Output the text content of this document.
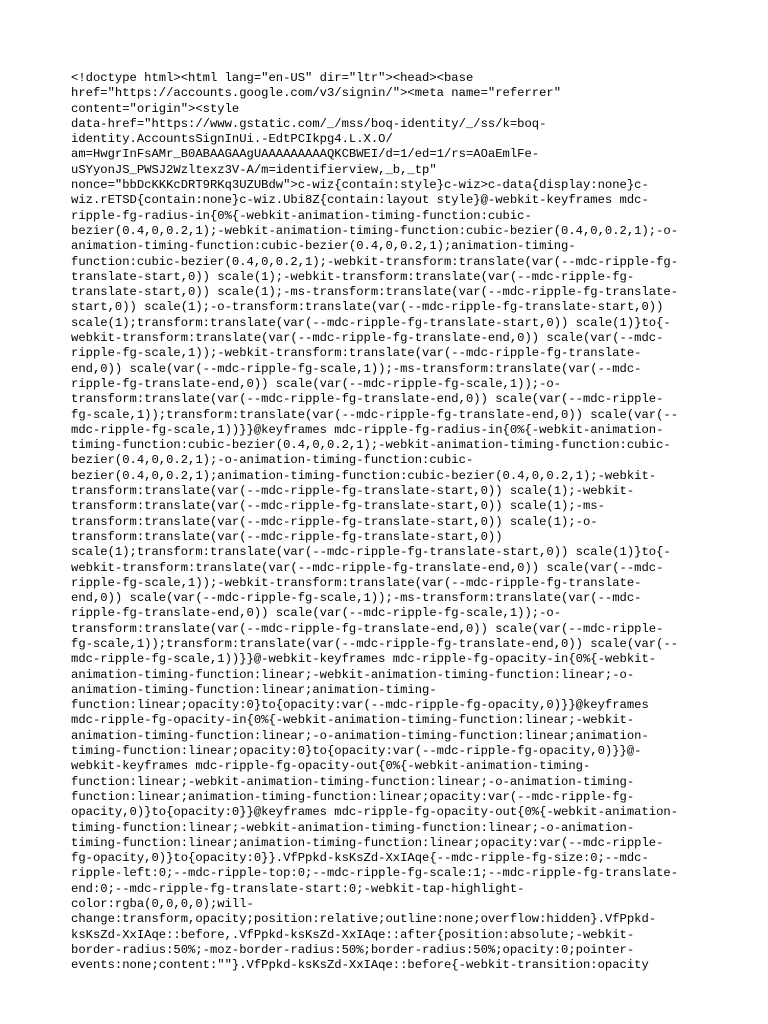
<!doctype html><html lang="en-US" dir="ltr"><head><base
href="https://accounts.google.com/v3/signin/"><meta name="referrer"
content="origin"><style
data-href="https://www.gstatic.com/_/mss/boq-identity/_/ss/k=boq-
identity.AccountsSignInUi.-EdtPCIkpg4.L.X.O/
am=HwgrInFsAMr_B0ABAAGAAgUAAAAAAAAAQKCBWEI/d=1/ed=1/rs=AOaEmlFe-
uSYyonJS_PWSJ2Wzltexz3V-A/m=identifierview,_b,_tp"
nonce="bbDcKKKcDRT9RKq3UZUBdw">c-wiz{contain:style}c-wiz>c-data{display:none}c-
wiz.rETSD{contain:none}c-wiz.Ubi8Z{contain:layout style}@-webkit-keyframes mdc-
ripple-fg-radius-in{0%{-webkit-animation-timing-function:cubic-
bezier(0.4,0,0.2,1);-webkit-animation-timing-function:cubic-bezier(0.4,0,0.2,1);-o-
animation-timing-function:cubic-bezier(0.4,0,0.2,1);animation-timing-
function:cubic-bezier(0.4,0,0.2,1);-webkit-transform:translate(var(--mdc-ripple-fg-
translate-start,0)) scale(1);-webkit-transform:translate(var(--mdc-ripple-fg-
translate-start,0)) scale(1);-ms-transform:translate(var(--mdc-ripple-fg-translate-
start,0)) scale(1);-o-transform:translate(var(--mdc-ripple-fg-translate-start,0))
scale(1);transform:translate(var(--mdc-ripple-fg-translate-start,0)) scale(1)}to{-
webkit-transform:translate(var(--mdc-ripple-fg-translate-end,0)) scale(var(--mdc-
ripple-fg-scale,1));-webkit-transform:translate(var(--mdc-ripple-fg-translate-
end,0)) scale(var(--mdc-ripple-fg-scale,1));-ms-transform:translate(var(--mdc-
ripple-fg-translate-end,0)) scale(var(--mdc-ripple-fg-scale,1));-o-
transform:translate(var(--mdc-ripple-fg-translate-end,0)) scale(var(--mdc-ripple-
fg-scale,1));transform:translate(var(--mdc-ripple-fg-translate-end,0)) scale(var(--
mdc-ripple-fg-scale,1))}}@keyframes mdc-ripple-fg-radius-in{0%{-webkit-animation-
timing-function:cubic-bezier(0.4,0,0.2,1);-webkit-animation-timing-function:cubic-
bezier(0.4,0,0.2,1);-o-animation-timing-function:cubic-
bezier(0.4,0,0.2,1);animation-timing-function:cubic-bezier(0.4,0,0.2,1);-webkit-
transform:translate(var(--mdc-ripple-fg-translate-start,0)) scale(1);-webkit-
transform:translate(var(--mdc-ripple-fg-translate-start,0)) scale(1);-ms-
transform:translate(var(--mdc-ripple-fg-translate-start,0)) scale(1);-o-
transform:translate(var(--mdc-ripple-fg-translate-start,0))
scale(1);transform:translate(var(--mdc-ripple-fg-translate-start,0)) scale(1)}to{-
webkit-transform:translate(var(--mdc-ripple-fg-translate-end,0)) scale(var(--mdc-
ripple-fg-scale,1));-webkit-transform:translate(var(--mdc-ripple-fg-translate-
end,0)) scale(var(--mdc-ripple-fg-scale,1));-ms-transform:translate(var(--mdc-
ripple-fg-translate-end,0)) scale(var(--mdc-ripple-fg-scale,1));-o-
transform:translate(var(--mdc-ripple-fg-translate-end,0)) scale(var(--mdc-ripple-
fg-scale,1));transform:translate(var(--mdc-ripple-fg-translate-end,0)) scale(var(--
mdc-ripple-fg-scale,1))}}@-webkit-keyframes mdc-ripple-fg-opacity-in{0%{-webkit-
animation-timing-function:linear;-webkit-animation-timing-function:linear;-o-
animation-timing-function:linear;animation-timing-
function:linear;opacity:0}to{opacity:var(--mdc-ripple-fg-opacity,0)}}@keyframes
mdc-ripple-fg-opacity-in{0%{-webkit-animation-timing-function:linear;-webkit-
animation-timing-function:linear;-o-animation-timing-function:linear;animation-
timing-function:linear;opacity:0}to{opacity:var(--mdc-ripple-fg-opacity,0)}}@-
webkit-keyframes mdc-ripple-fg-opacity-out{0%{-webkit-animation-timing-
function:linear;-webkit-animation-timing-function:linear;-o-animation-timing-
function:linear;animation-timing-function:linear;opacity:var(--mdc-ripple-fg-
opacity,0)}to{opacity:0}}@keyframes mdc-ripple-fg-opacity-out{0%{-webkit-animation-
timing-function:linear;-webkit-animation-timing-function:linear;-o-animation-
timing-function:linear;animation-timing-function:linear;opacity:var(--mdc-ripple-
fg-opacity,0)}to{opacity:0}}.VfPpkd-ksKsZd-XxIAqe{--mdc-ripple-fg-size:0;--mdc-
ripple-left:0;--mdc-ripple-top:0;--mdc-ripple-fg-scale:1;--mdc-ripple-fg-translate-
end:0;--mdc-ripple-fg-translate-start:0;-webkit-tap-highlight-
color:rgba(0,0,0,0);will-
change:transform,opacity;position:relative;outline:none;overflow:hidden}.VfPpkd-
ksKsZd-XxIAqe::before,.VfPpkd-ksKsZd-XxIAqe::after{position:absolute;-webkit-
border-radius:50%;-moz-border-radius:50%;border-radius:50%;opacity:0;pointer-
events:none;content:""}.VfPpkd-ksKsZd-XxIAqe::before{-webkit-transition:opacity
